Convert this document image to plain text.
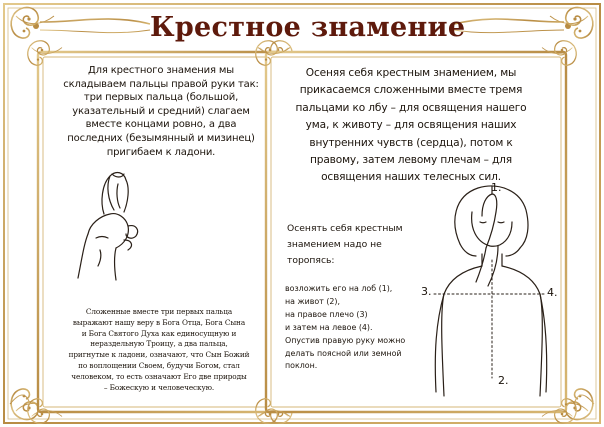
Крестное знамение
Для крестного знамения мы
складываем пальцы правой руки так:
три первых пальца (большой,
указательный и средний) слагаем
вместе концами ровно, а два
последних (безымянный и мизинец)
пригибаем к ладони.
Сложенные вместе три первых пальца
выражают нашу веру в Бога Отца, Бога Сына
и Бога Святого Духа как единосущную и
нераздельную Троицу, а два пальца,
пригнутые к ладони, означают, что Сын Божий
по воплощении Своем, будучи Богом, стал
человеком, то есть означают Его две природы
– Божескую и человеческую.
Осеняя себя крестным знамением, мы
прикасаемся сложенными вместе тремя
пальцами ко лбу – для освящения нашего
ума, к животу – для освящения наших
внутренних чувств (сердца), потом к
правому, затем левому плечам – для
освящения наших телесных сил.
Осенять себя крестным
знамением надо не
торопясь:
возложить его на лоб (1),
на живот (2),
на правое плечо (3)
и затем на левое (4).
Опустив правую руку можно
делать поясной или земной
поклон.
1.
2.
3.	4.
